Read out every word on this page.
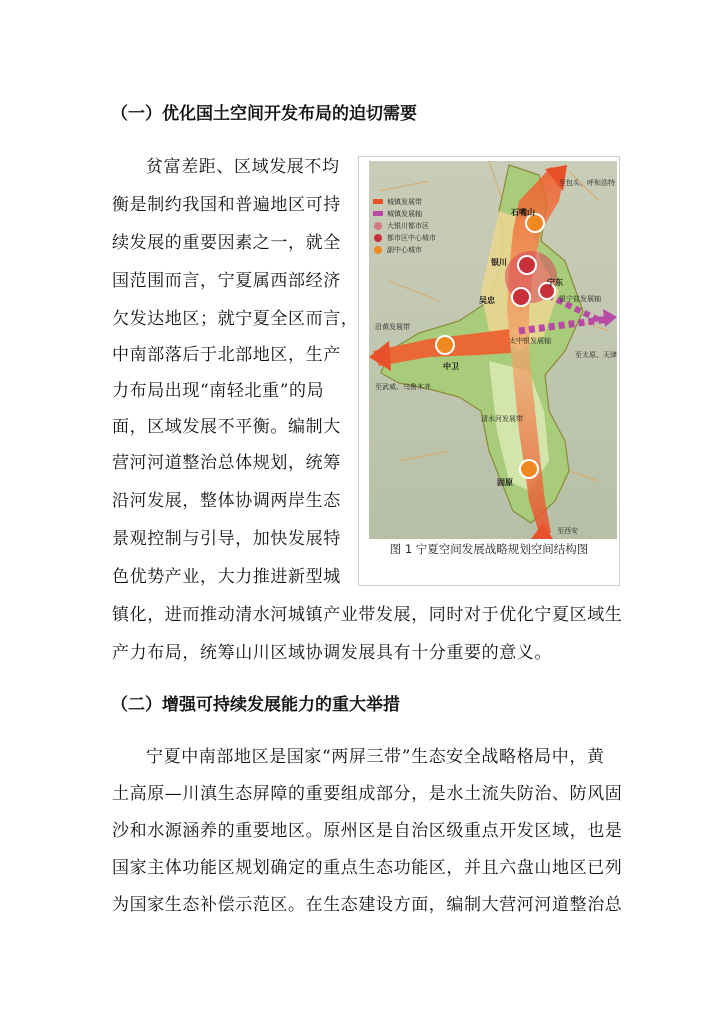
（一）优化国土空间开发布局的迫切需要
贫富差距、区域发展不均
衡是制约我国和普遍地区可持
续发展的重要因素之一，就全
国范围而言，宁夏属西部经济
欠发达地区；就宁夏全区而言，
中南部落后于北部地区，生产
力布局出现“南轻北重”的局
面，区域发展不平衡。编制大
营河河道整治总体规划，统筹
沿河发展，整体协调两岸生态
景观控制与引导，加快发展特
色优势产业，大力推进新型城
镇化，进而推动清水河城镇产业带发展，同时对于优化宁夏区域生
产力布局，统筹山川区域协调发展具有十分重要的意义。
（二）增强可持续发展能力的重大举措
宁夏中南部地区是国家“两屏三带”生态安全战略格局中，黄
土高原—川滇生态屏障的重要组成部分，是水土流失防治、防风固
沙和水源涵养的重要地区。原州区是自治区级重点开发区域，也是
国家主体功能区规划确定的重点生态功能区，并且六盘山地区已列
为国家生态补偿示范区。在生态建设方面，编制大营河河道整治总
城镇发展带
城镇发展轴
大银川都市区
都市区中心城市
副中心城市
石嘴山
银川
吴忠
宁东
中卫
固原
至包头、呼和浩特
沿黄发展带
银宁盐发展轴
太中银发展轴
至太原、天津
至武威、乌鲁木齐
清水河发展带
至西安
图 1 宁夏空间发展战略规划空间结构图
